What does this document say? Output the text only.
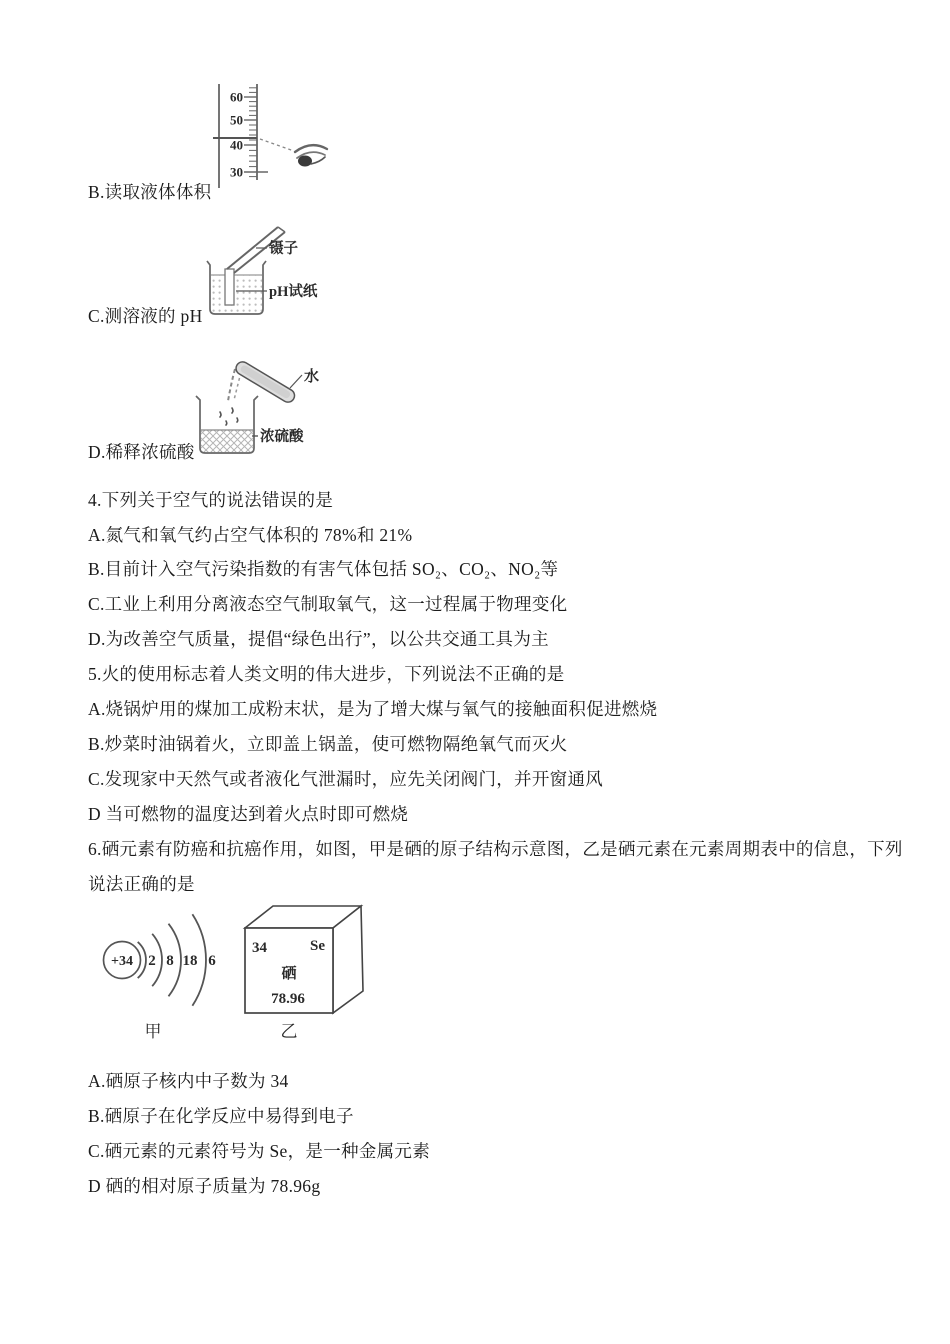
60
50
40
30
B.读取液体体积
镊子
pH试纸
C.测溶液的 pH
水
浓硫酸
D.稀释浓硫酸
4.下列关于空气的说法错误的是
A.氮气和氧气约占空气体积的 78%和 21%
B.目前计入空气污染指数的有害气体包括 SO₂、CO₂、NO₂等
C.工业上利用分离液态空气制取氧气，这一过程属于物理变化
D.为改善空气质量，提倡“绿色出行”，以公共交通工具为主
5.火的使用标志着人类文明的伟大进步，下列说法不正确的是
A.烧锅炉用的煤加工成粉末状，是为了增大煤与氧气的接触面积促进燃烧
B.炒菜时油锅着火，立即盖上锅盖，使可燃物隔绝氧气而灭火
C.发现家中天然气或者液化气泄漏时，应先关闭阀门，并开窗通风
D 当可燃物的温度达到着火点时即可燃烧
6.硒元素有防癌和抗癌作用，如图，甲是硒的原子结构示意图，乙是硒元素在元素周期表中的信息，下列
说法正确的是
+34 2 8 18 6
甲
34	Se
硒
78.96
乙
A.硒原子核内中子数为 34
B.硒原子在化学反应中易得到电子
C.硒元素的元素符号为 Se，是一种金属元素
D 硒的相对原子质量为 78.96g
